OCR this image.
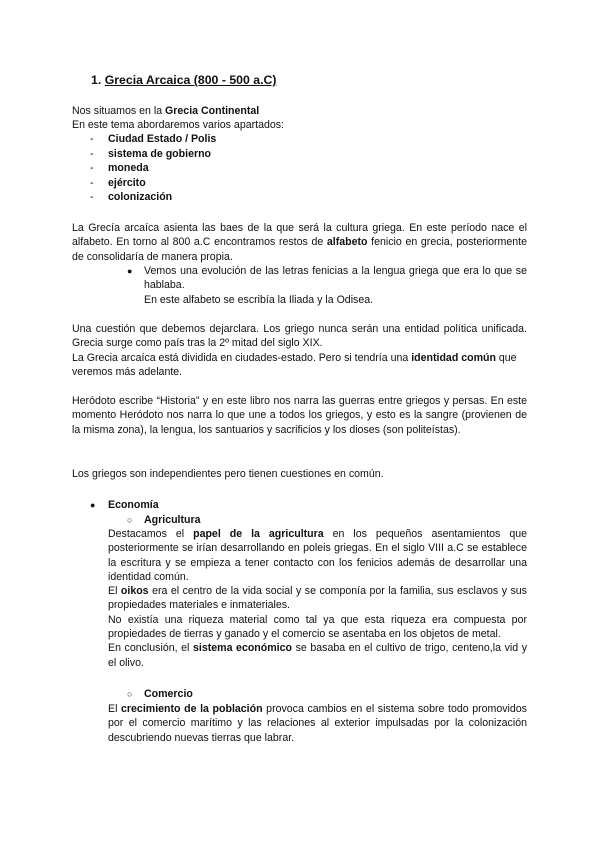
1. Grecia Arcaica (800 - 500 a.C)

Nos situamos en la Grecia Continental

En este tema abordaremos varios apartados:

- Ciudad Estado / Polis
- sistema de gobierno
- moneda
- ejército
- colonización

La Grecía arcaíca asienta las baes de la que será la cultura griega. En este período nace el alfabeto. En torno al 800 a.C encontramos restos de alfabeto fenicio en grecia, posteriormente de consolidaría de manera propia.

● Vemos una evolución de las letras fenicias a la lengua griega que era lo que se hablaba.

En este alfabeto se escribía la Iliada y la Odisea.

Una cuestión que debemos dejarclara. Los griego nunca serán una entidad política unificada. Grecia surge como país tras la 2º mitad del siglo XIX.

La Grecia arcaíca está dividida en ciudades-estado. Pero si tendría una identidad común que veremos más adelante.

Heródoto escribe “Historia” y en este libro nos narra las guerras entre griegos y persas. En este momento Heródoto nos narra lo que une a todos los griegos, y esto es la sangre (provienen de la misma zona), la lengua, los santuarios y sacrificios y los dioses (son politeístas).

Los griegos son independientes pero tienen cuestiones en común.

● Economía

○ Agricultura

Destacamos el papel de la agricultura en los pequeños asentamientos que posteriormente se irían desarrollando en poleis griegas. En el siglo VIII a.C se establece la escritura y se empieza a tener contacto con los fenicios además de desarrollar una identidad común.

El oikos era el centro de la vida social y se componía por la familia, sus esclavos y sus propiedades materiales e inmateriales.

No existía una riqueza material como tal ya que esta riqueza era compuesta por propiedades de tierras y ganado y el comercio se asentaba en los objetos de metal.

En conclusión, el sistema económico se basaba en el cultivo de trigo, centeno,la vid y el olivo.

○ Comercio

El crecimiento de la población provoca cambios en el sistema sobre todo promovidos por el comercio marítimo y las relaciones al exterior impulsadas por la colonización descubriendo nuevas tierras que labrar.
